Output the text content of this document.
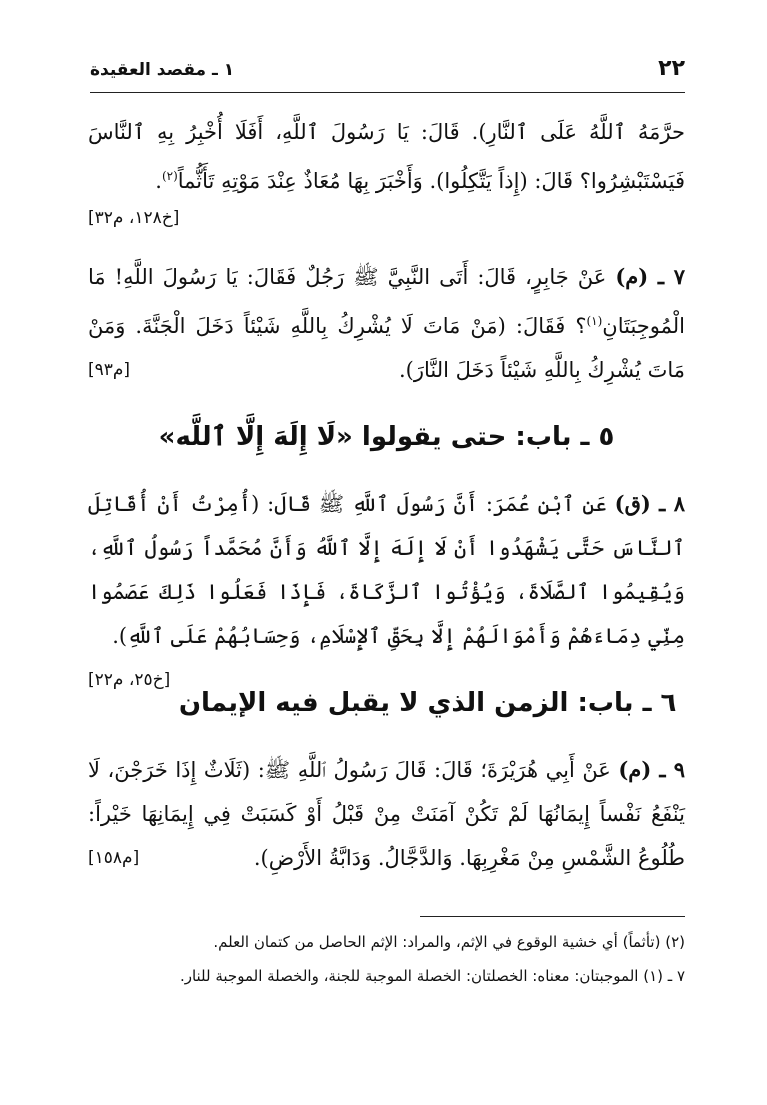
٢٢
١ ـ مقصد العقيدة

حرَّمَهُ ٱللَّهُ عَلَى ٱلنَّارِ). قَالَ: يَا رَسُولَ ٱللَّهِ، أَفَلَا أُخْبِرُ بِهِ ٱلنَّاسَ فَيَسْتَبْشِرُوا؟ قَالَ: (إِذاً يَتَّكِلُوا). وَأَخْبَرَ بِهَا مُعَاذٌ عِنْدَ مَوْتِهِ تَأَثُّماً$^{(٢)}$.
[خ١٢٨، م٣٢]

٧ ـ (م) عَنْ جَابِرٍ، قَالَ: أَتَى النَّبِيَّ ﷺ رَجُلٌ فَقَالَ: يَا رَسُولَ اللَّهِ! مَا الْمُوجِبَتَانِ$^{(١)}$؟ فَقَالَ: (مَنْ مَاتَ لَا يُشْرِكُ بِاللَّهِ شَيْئاً دَخَلَ الْجَنَّةَ. وَمَنْ مَاتَ يُشْرِكُ بِاللَّهِ شَيْئاً دَخَلَ النَّارَ).
[م٩٣]

٥ ـ باب: حتى يقولوا «لَا إِلَهَ إِلَّا ٱللَّه»

٨ ـ (ق) عَنِ ٱبْنِ عُمَرَ: أَنَّ رَسُولَ ٱللَّهِ ﷺ قَالَ: (أُمِرْتُ أَنْ أُقَاتِلَ ٱلنَّاسَ حَتَّى يَشْهَدُوا أَنْ لَا إِلَهَ إِلَّا ٱللَّهُ وَأَنَّ مُحَمَّداً رَسُولُ ٱللَّهِ، وَيُقِيمُوا ٱلصَّلَاةَ، وَيُؤْتُوا ٱلزَّكَاةَ، فَإِذَا فَعَلُوا ذَلِكَ عَصَمُوا مِنِّي دِمَاءَهُمْ وَأَمْوَالَهُمْ إِلَّا بِحَقِّ ٱلإِسْلَامِ، وَحِسَابُهُمْ عَلَى ٱللَّهِ).
[خ٢٥، م٢٢]

٦ ـ باب: الزمن الذي لا يقبل فيه الإيمان

٩ ـ (م) عَنْ أَبِي هُرَيْرَةَ؛ قَالَ: قَالَ رَسُولُ ٱللَّهِ ﷺ: (ثَلَاثٌ إِذَا خَرَجْنَ، لَا يَنْفَعُ نَفْساً إِيمَانُهَا لَمْ تَكُنْ آمَنَتْ مِنْ قَبْلُ أَوْ كَسَبَتْ فِي إِيمَانِهَا خَيْراً: طُلُوعُ الشَّمْسِ مِنْ مَغْرِبِهَا. وَالدَّجَّالُ. وَدَابَّةُ الأَرْضِ).
[م١٥٨]

(٢) (تأثماً) أي خشية الوقوع في الإثم، والمراد: الإثم الحاصل من كتمان العلم.

٧ ـ (١) الموجبتان: معناه: الخصلتان: الخصلة الموجبة للجنة، والخصلة الموجبة للنار.
